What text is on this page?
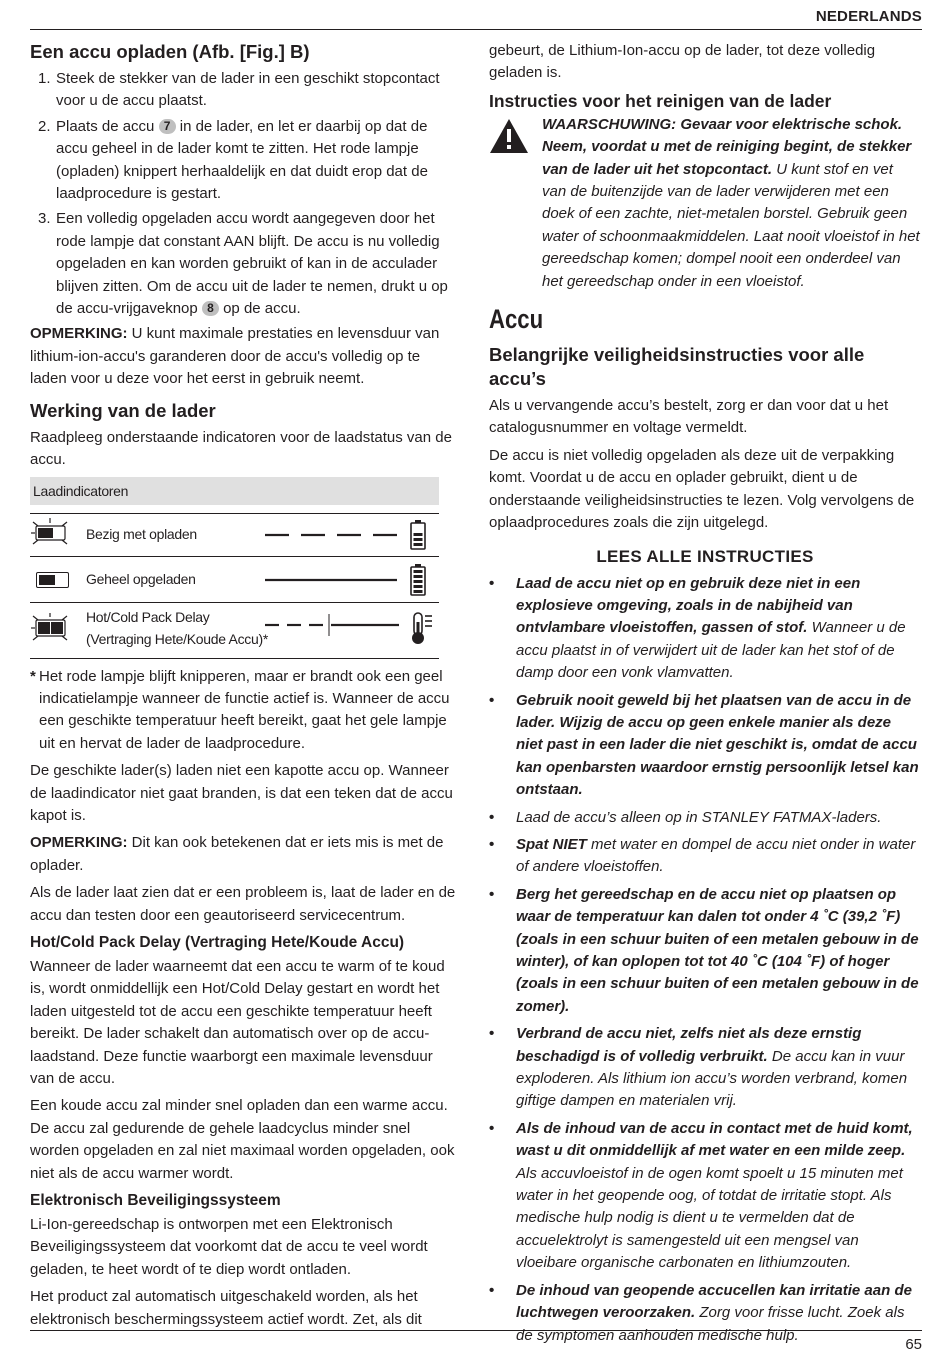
NEDERLANDS
Een accu opladen (Afb. [Fig.] B)
1. Steek de stekker van de lader in een geschikt stopcontact voor u de accu plaatst.
2. Plaats de accu 7 in de lader, en let er daarbij op dat de accu geheel in de lader komt te zitten. Het rode lampje (opladen) knippert herhaaldelijk en dat duidt erop dat de laadprocedure is gestart.
3. Een volledig opgeladen accu wordt aangegeven door het rode lampje dat constant AAN blijft. De accu is nu volledig opgeladen en kan worden gebruikt of kan in de acculader blijven zitten. Om de accu uit de lader te nemen, drukt u op de accu-vrijgaveknop 8 op de accu.

OPMERKING: U kunt maximale prestaties en levensduur van lithium-ion-accu's garanderen door de accu's volledig op te laden voor u deze voor het eerst in gebruik neemt.

Werking van de lader

Raadpleeg onderstaande indicatoren voor de laadstatus van de accu.

Laadindicatoren
Bezig met opladen
Geheel opgeladen
Hot/Cold Pack Delay
(Vertraging Hete/Koude Accu)*

* Het rode lampje blijft knipperen, maar er brandt ook een geel indicatielampje wanneer de functie actief is. Wanneer de accu een geschikte temperatuur heeft bereikt, gaat het gele lampje uit en hervat de lader de laadprocedure.

De geschikte lader(s) laden niet een kapotte accu op. Wanneer de laadindicator niet gaat branden, is dat een teken dat de accu kapot is.

OPMERKING: Dit kan ook betekenen dat er iets mis is met de oplader.

Als de lader laat zien dat er een probleem is, laat de lader en de accu dan testen door een geautoriseerd servicecentrum.

Hot/Cold Pack Delay (Vertraging Hete/Koude Accu)

Wanneer de lader waarneemt dat een accu te warm of te koud is, wordt onmiddellijk een Hot/Cold Delay gestart en wordt het laden uitgesteld tot de accu een geschikte temperatuur heeft bereikt. De lader schakelt dan automatisch over op de accu-laadstand. Deze functie waarborgt een maximale levensduur van de accu.

Een koude accu zal minder snel opladen dan een warme accu. De accu zal gedurende de gehele laadcyclus minder snel worden opgeladen en zal niet maximaal worden opgeladen, ook niet als de accu warmer wordt.

Elektronisch Beveiligingssysteem

Li-Ion-gereedschap is ontworpen met een Elektronisch Beveiligingssysteem dat voorkomt dat de accu te veel wordt geladen, te heet wordt of te diep wordt ontladen.

Het product zal automatisch uitgeschakeld worden, als het elektronisch beschermingssysteem actief wordt. Zet, als dit

gebeurt, de Lithium-Ion-accu op de lader, tot deze volledig geladen is.

Instructies voor het reinigen van de lader
WAARSCHUWING: Gevaar voor elektrische schok. Neem, voordat u met de reiniging begint, de stekker van de lader uit het stopcontact. U kunt stof en vet van de buitenzijde van de lader verwijderen met een doek of een zachte, niet-metalen borstel. Gebruik geen water of schoonmaakmiddelen. Laat nooit vloeistof in het gereedschap komen; dompel nooit een onderdeel van het gereedschap onder in een vloeistof.
Accu
Belangrijke veiligheidsinstructies voor alle accu’s

Als u vervangende accu’s bestelt, zorg er dan voor dat u het catalogusnummer en voltage vermeldt.

De accu is niet volledig opgeladen als deze uit de verpakking komt. Voordat u de accu en oplader gebruikt, dient u de onderstaande veiligheidsinstructies te lezen. Volg vervolgens de oplaadprocedures zoals die zijn uitgelegd.

LEES ALLE INSTRUCTIES
• Laad de accu niet op en gebruik deze niet in een explosieve omgeving, zoals in de nabijheid van ontvlambare vloeistoffen, gassen of stof. Wanneer u de accu plaatst in of verwijdert uit de lader kan het stof of de damp door een vonk vlamvatten.
• Gebruik nooit geweld bij het plaatsen van de accu in de lader. Wijzig de accu op geen enkele manier als deze niet past in een lader die niet geschikt is, omdat de accu kan openbarsten waardoor ernstig persoonlijk letsel kan ontstaan.
• Laad de accu’s alleen op in STANLEY FATMAX-laders.
• Spat NIET met water en dompel de accu niet onder in water of andere vloeistoffen.
• Berg het gereedschap en de accu niet op plaatsen op waar de temperatuur kan dalen tot onder 4 ˚C (39,2 ˚F) (zoals in een schuur buiten of een metalen gebouw in de winter), of kan oplopen tot tot 40 ˚C (104 ˚F) of hoger (zoals in een schuur buiten of een metalen gebouw in de zomer).
• Verbrand de accu niet, zelfs niet als deze ernstig beschadigd is of volledig verbruikt. De accu kan in vuur exploderen. Als lithium ion accu’s worden verbrand, komen giftige dampen en materialen vrij.
• Als de inhoud van de accu in contact met de huid komt, wast u dit onmiddellijk af met water en een milde zeep. Als accuvloeistof in de ogen komt spoelt u 15 minuten met water in het geopende oog, of totdat de irritatie stopt. Als medische hulp nodig is dient u te vermelden dat de accuelektrolyt is samengesteld uit een mengsel van vloeibare organische carbonaten en lithiumzouten.
• De inhoud van geopende accucellen kan irritatie aan de luchtwegen veroorzaken. Zorg voor frisse lucht. Zoek als de symptomen aanhouden medische hulp.
65
